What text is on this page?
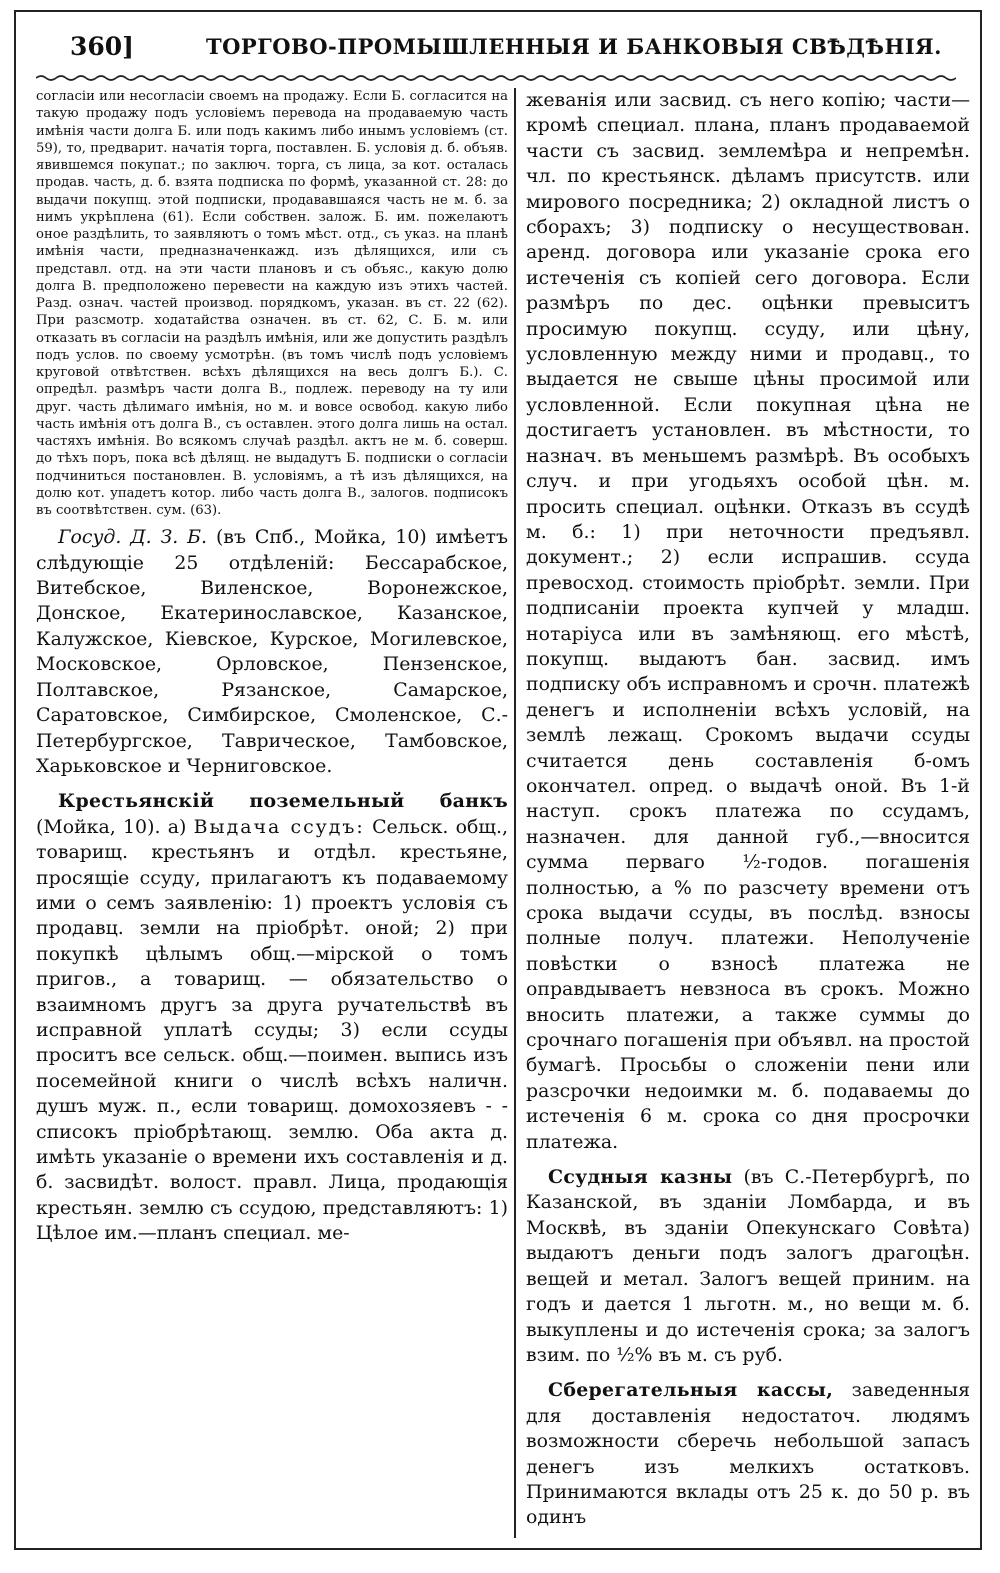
360]	ТОРГОВО-ПРОМЫШЛЕННЫЯ И БАНКОВЫЯ СВѢДѢНІЯ.

согласіи или несогласіи своемъ на продажу. Если Б. согласится на такую продажу подъ условіемъ перевода на продаваемую часть имѣнія части долга Б. или подъ какимъ либо инымъ условіемъ (ст. 59), то, предварит. начатія торга, поставлен. Б. условія д. б. объяв. явившемся покупат.; по заключ. торга, съ лица, за кот. осталась продав. часть, д. б. взята подписка по формѣ, указанной ст. 28: до выдачи покупщ. этой подписки, продававшаяся часть не м. б. за нимъ укрѣплена (61). Если собствен. залож. Б. им. пожелаютъ оное раздѣлить, то заявляютъ о томъ мѣст. отд., съ указ. на планѣ имѣнія части, предназначенкажд. изъ дѣлящихся, или съ представл. отд. на эти части плановъ и съ объяс., какую долю долга В. предположено перевести на каждую изъ этихъ частей. Разд. означ. частей производ. порядкомъ, указан. въ ст. 22 (62). При разсмотр. ходатайства означен. въ ст. 62, С. Б. м. или отказать въ согласіи на раздѣлъ имѣнія, или же допустить раздѣлъ подъ услов. по своему усмотрѣн. (въ томъ числѣ подъ условіемъ круговой отвѣтствен. всѣхъ дѣлящихся на весь долгъ Б.). С. опредѣл. размѣръ части долга В., подлеж. переводу на ту или друг. часть дѣлимаго имѣнія, но м. и вовсе освобод. какую либо часть имѣнія отъ долга В., съ оставлен. этого долга лишь на остал. частяхъ имѣнія. Во всякомъ случаѣ раздѣл. актъ не м. б. соверш. до тѣхъ поръ, пока всѣ дѣлящ. не выдадутъ Б. подписки о согласіи подчиниться постановлен. В. условіямъ, а тѣ изъ дѣлящихся, на долю кот. упадетъ котор. либо часть долга В., залогов. подписокъ въ соотвѣтствен. сум. (63).

Госуд. Д. З. Б. (въ Спб., Мойка, 10) имѣетъ слѣдующіе 25 отдѣленій: Бессарабское, Витебское, Виленское, Воронежское, Донское, Екатеринославское, Казанское, Калужское, Кіевское, Курское, Могилевское, Московское, Орловское, Пензенское, Полтавское, Рязанское, Самарское, Саратовское, Симбирское, Смоленское, С.-Петербургское, Таврическое, Тамбовское, Харьковское и Черниговское.

Крестьянскій поземельный банкъ (Мойка, 10). а) Выдача ссудъ: Сельск. общ., товарищ. крестьянъ и отдѣл. крестьяне, просящіе ссуду, прилагаютъ къ подаваемому ими о семъ заявленію: 1) проектъ условія съ продавц. земли на пріобрѣт. оной; 2) при покупкѣ цѣлымъ общ.—мірской о томъ пригов., а товарищ. — обязательство о взаимномъ другъ за друга ручательствѣ въ исправной уплатѣ ссуды; 3) если ссуды проситъ все сельск. общ.—поимен. выпись изъ посемейной книги о числѣ всѣхъ наличн. душъ муж. п., если товарищ. домохозяевъ - - списокъ пріобрѣтающ. землю. Оба акта д. имѣть указаніе о времени ихъ составленія и д. б. засвидѣт. волост. правл. Лица, продающія крестьян. землю съ ссудою, представляютъ: 1) Цѣлое им.—планъ специал. ме-

жеванія или засвид. съ него копію; части—кромѣ специал. плана, планъ продаваемой части съ засвид. землемѣра и непремѣн. чл. по крестьянск. дѣламъ присутств. или мирового посредника; 2) окладной листъ о сборахъ; 3) подписку о несуществован. аренд. договора или указаніе срока его истеченія съ копіей сего договора. Если размѣръ по дес. оцѣнки превыситъ просимую покупщ. ссуду, или цѣну, условленную между ними и продавц., то выдается не свыше цѣны просимой или условленной. Если покупная цѣна не достигаетъ установлен. въ мѣстности, то назнач. въ меньшемъ размѣрѣ. Въ особыхъ случ. и при угодьяхъ особой цѣн. м. просить специал. оцѣнки. Отказъ въ ссудѣ м. б.: 1) при неточности предъявл. документ.; 2) если испрашив. ссуда превосход. стоимость пріобрѣт. земли. При подписаніи проекта купчей у младш. нотаріуса или въ замѣняющ. его мѣстѣ, покупщ. выдаютъ бан. засвид. имъ подписку объ исправномъ и срочн. платежѣ денегъ и исполненіи всѣхъ условій, на землѣ лежащ. Срокомъ выдачи ссуды считается день составленія б-омъ окончател. опред. о выдачѣ оной. Въ 1-й наступ. срокъ платежа по ссудамъ, назначен. для данной губ.,—вносится сумма перваго ½-годов. погашенія полностью, а % по разсчету времени отъ срока выдачи ссуды, въ послѣд. взносы полные получ. платежи. Неполученіе повѣстки о взносѣ платежа не оправдываетъ невзноса въ срокъ. Можно вносить платежи, а также суммы до срочнаго погашенія при объявл. на простой бумагѣ. Просьбы о сложеніи пени или разсрочки недоимки м. б. подаваемы до истеченія 6 м. срока со дня просрочки платежа.

Ссудныя казны (въ С.-Петербургѣ, по Казанской, въ зданіи Ломбарда, и въ Москвѣ, въ зданіи Опекунскаго Совѣта) выдаютъ деньги подъ залогъ драгоцѣн. вещей и метал. Залогъ вещей приним. на годъ и дается 1 льготн. м., но вещи м. б. выкуплены и до истеченія срока; за залогъ взим. по ½% въ м. съ руб.

Сберегательныя кассы, заведенныя для доставленія недостаточ. людямъ возможности сберечь небольшой запасъ денегъ изъ мелкихъ остатковъ. Принимаются вклады отъ 25 к. до 50 р. въ одинъ
